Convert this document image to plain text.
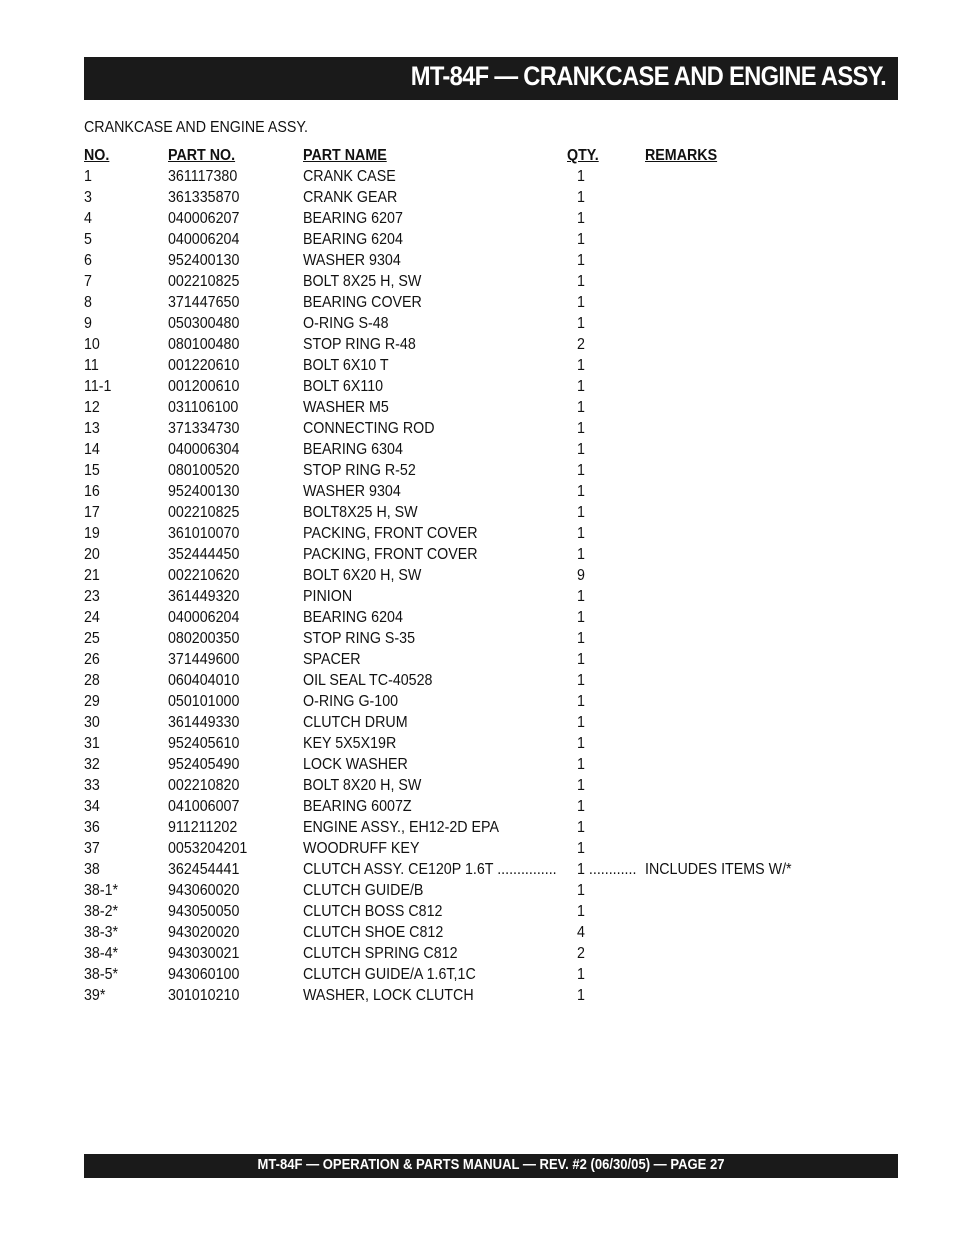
MT-84F — CRANKCASE AND ENGINE ASSY.
CRANKCASE AND ENGINE ASSY.
NO.	PART NO.	PART NAME	QTY.	REMARKS
1	361117380	CRANK CASE	1
3	361335870	CRANK GEAR	1
4	040006207	BEARING 6207	1
5	040006204	BEARING 6204	1
6	952400130	WASHER 9304	1
7	002210825	BOLT 8X25 H, SW	1
8	371447650	BEARING COVER	1
9	050300480	O-RING S-48	1
10	080100480	STOP RING R-48	2
11	001220610	BOLT 6X10 T	1
11-1	001200610	BOLT 6X110	1
12	031106100	WASHER M5	1
13	371334730	CONNECTING ROD	1
14	040006304	BEARING 6304	1
15	080100520	STOP RING R-52	1
16	952400130	WASHER 9304	1
17	002210825	BOLT8X25 H, SW	1
19	361010070	PACKING, FRONT COVER	1
20	352444450	PACKING, FRONT COVER	1
21	002210620	BOLT 6X20 H, SW	9
23	361449320	PINION	1
24	040006204	BEARING 6204	1
25	080200350	STOP RING S-35	1
26	371449600	SPACER	1
28	060404010	OIL SEAL TC-40528	1
29	050101000	O-RING G-100	1
30	361449330	CLUTCH DRUM	1
31	952405610	KEY 5X5X19R	1
32	952405490	LOCK WASHER	1
33	002210820	BOLT 8X20 H, SW	1
34	041006007	BEARING 6007Z	1
36	911211202	ENGINE ASSY., EH12-2D EPA	1
37	0053204201	WOODRUFF KEY	1
38	362454441	CLUTCH ASSY. CE120P 1.6T ............... 1 ............ INCLUDES ITEMS W/*
38-1*	943060020	CLUTCH GUIDE/B	1
38-2*	943050050	CLUTCH BOSS C812	1
38-3*	943020020	CLUTCH SHOE C812	4
38-4*	943030021	CLUTCH SPRING C812	2
38-5*	943060100	CLUTCH GUIDE/A 1.6T,1C	1
39*	301010210	WASHER, LOCK CLUTCH	1
MT-84F — OPERATION & PARTS MANUAL — REV. #2 (06/30/05) — PAGE 27
